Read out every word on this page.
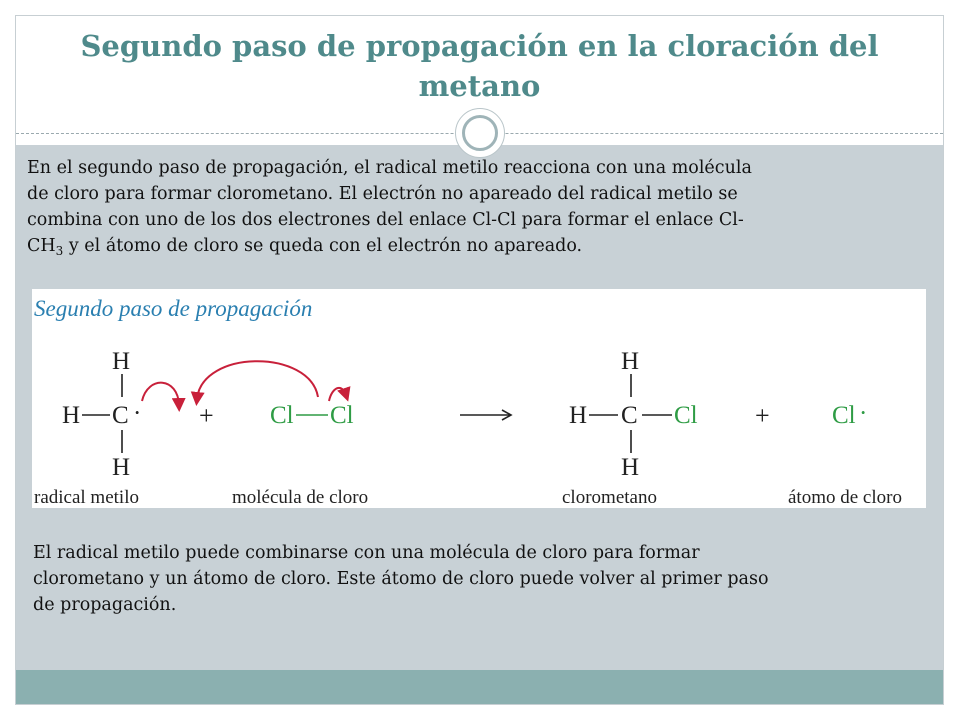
Segundo paso de propagación en la cloración del metano
En el segundo paso de propagación, el radical metilo reacciona con una molécula
de cloro para formar clorometano. El electrón no apareado del radical metilo se
combina con uno de los dos electrones del enlace Cl-Cl para formar el enlace Cl-
$CH_3$ y el átomo de cloro se queda con el electrón no apareado.
Segundo paso de propagación
H
H C ·
H
+ Cl Cl
H
H C Cl
H
+ Cl ·
radical metilo	molécula de cloro	clorometano	átomo de cloro
El radical metilo puede combinarse con una molécula de cloro para formar
clorometano y un átomo de cloro. Este átomo de cloro puede volver al primer paso
de propagación.
